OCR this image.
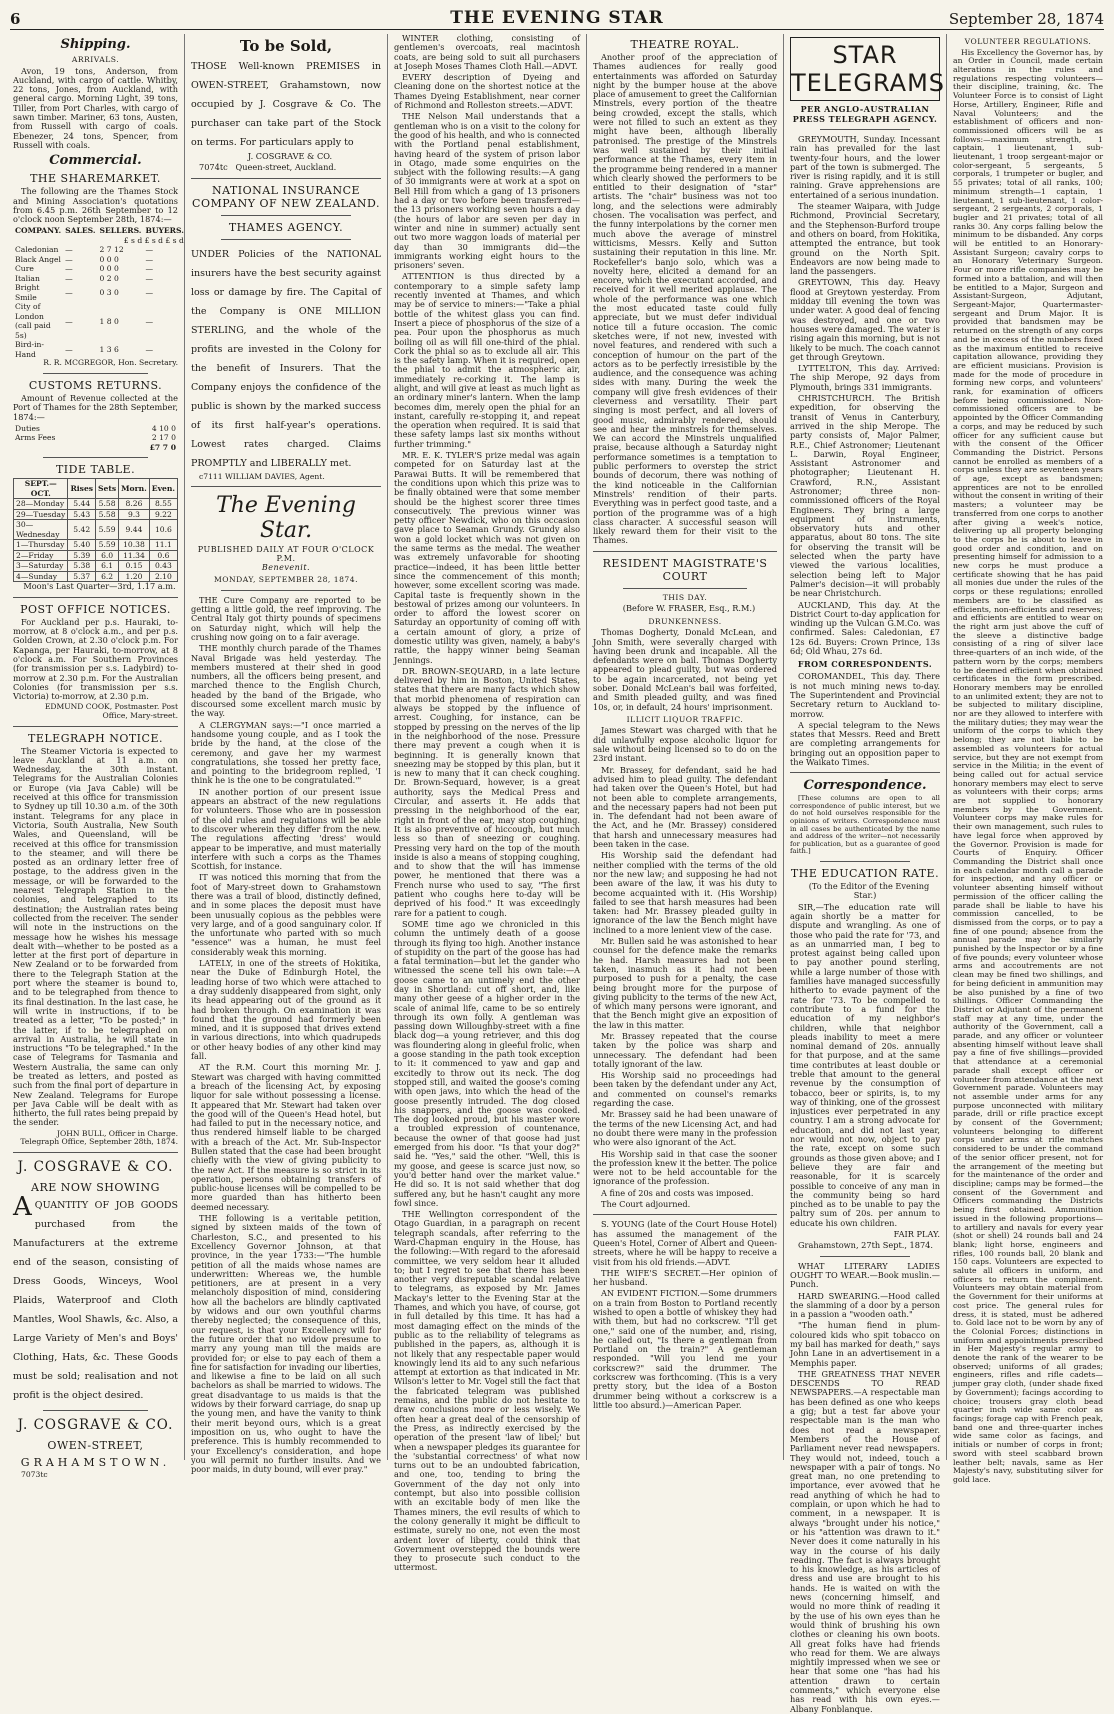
6	THE EVENING STAR	September 28, 1874
Shipping.
ARRIVALS.
Avon, 19 tons, Anderson, from Auckland, with cargo of cattle. Whitby, 22 tons, Jones, from Auckland, with general cargo. Morning Light, 39 tons, Tiller, from Port Charles, with cargo of sawn timber. Mariner, 63 tons, Austen, from Russell with cargo of coals. Ebenezer, 24 tons, Spencer, from Russell with coals.
Commercial.
THE SHAREMARKET.
The following are the Thames Stock and Mining Association's quotations from 6.45 p.m. 26th September to 12 o'clock noon September 28th, 1874:—
COMPANY.	SALES.	SELLERS.	BUYERS.
£ s d £ s d £ s d			
Caledonian	—	2 7 12	—
Black Angel	—	0 0 0	—
Cure	—	0 0 0	—
Italian	—	0 2 0	—
Bright Smile	—	0 3 0	—
City of London (call paid 5s)	—	1 8 0	—
Bird-in-Hand	—	1 3 6	—
R. R. MCGREGOR, Hon. Secretary.
CUSTOMS RETURNS.
Amount of Revenue collected at the Port of Thames for the 28th September, 1874:—
Duties	4 10 0
Arms Fees	2 17 0
	£7 7 0
TIDE TABLE.
SEPT.—OCT.	Rises	Sets	Morn.	Even.
28—Monday	5.44	5.58	8.26	8.55
29—Tuesday	5.43	5.58	9.3	9.22
30—Wednesday	5.42	5.59	9.44	10.6
1—Thursday	5.40	5.59	10.38	11.1
2—Friday	5.39	6.0	11.34	0.6
3—Saturday	5.38	6.1	0.15	0.43
4—Sunday	5.37	6.2	1.20	2.10
Moon's Last Quarter—3rd, 1.17 a.m.
POST OFFICE NOTICES.
For Auckland per p.s. Hauraki, to-morrow, at 8 o'clock a.m., and per p.s. Golden Crown, at 2.30 o'clock p.m. For Kapanga, per Hauraki, to-morrow, at 8 o'clock a.m. For Southern Provinces (for transmission per s.s. Ladybird) to-morrow at 2.30 p.m. For the Australian Colonies (for transmission per s.s. Victoria) to-morrow, at 2.30 p.m.
EDMUND COOK, Postmaster. Post Office, Mary-street.
TELEGRAPH NOTICE.
The Steamer Victoria is expected to leave Auckland at 11 a.m. on Wednesday, the 30th instant. Telegrams for the Australian Colonies or Europe (via Java Cable) will be received at this office for transmission to Sydney up till 10.30 a.m. of the 30th instant. Telegrams for any place in Victoria, South Australia, New South Wales, and Queensland, will be received at this office for transmission to the steamer, and will there be posted as an ordinary letter free of postage, to the address given in the message, or will be forwarded to the nearest Telegraph Station in the colonies, and telegraphed to its destination; the Australian rates being collected from the receiver. The sender will note in the instructions on the message how he wishes his message dealt with—whether to be posted as a letter at the first port of departure in New Zealand or to be forwarded from there to the Telegraph Station at the port where the steamer is bound to, and to be telegraphed from thence to its final destination. In the last case, he will write in instructions, if to be treated as a letter, "To be posted;" in the latter, if to be telegraphed on arrival in Australia, he will state in instructions "To be telegraphed." In the case of Telegrams for Tasmania and Western Australia, the same can only be treated as letters, and posted as such from the final port of departure in New Zealand. Telegrams for Europe per Java Cable will be dealt with as hitherto, the full rates being prepaid by the sender.
JOHN BULL, Officer in Charge. Telegraph Office, September 28th, 1874.
J. COSGRAVE & CO.
ARE NOW SHOWING
AQUANTITY OF JOB GOODS purchased from the Manufacturers at the extreme end of the season, consisting of Dress Goods, Winceys, Wool Plaids, Waterproof and Cloth Mantles, Wool Shawls, &c. Also, a Large Variety of Men's and Boys' Clothing, Hats, &c. These Goods must be sold; realisation and not profit is the object desired.
J. COSGRAVE & CO.
OWEN-STREET,
GRAHAMSTOWN.
7073tc
To be Sold,
THOSE Well-known PREMISES in OWEN-STREET, Grahamstown, now occupied by J. Cosgrave & Co. The purchaser can take part of the Stock on terms. For particulars apply to
J. COSGRAVE & CO.
7074tc Queen-street, Auckland.
NATIONAL INSURANCE COMPANY OF NEW ZEALAND.
THAMES AGENCY.
UNDER Policies of the NATIONAL insurers have the best security against loss or damage by fire. The Capital of the Company is ONE MILLION STERLING, and the whole of the profits are invested in the Colony for the benefit of Insurers. That the Company enjoys the confidence of the public is shown by the marked success of its first half-year's operations. Lowest rates charged. Claims PROMPTLY and LIBERALLY met.
c7111 WILLIAM DAVIES, Agent.
The Evening Star.
PUBLISHED DAILY AT FOUR O'CLOCK P.M.
Benevenit.
MONDAY, SEPTEMBER 28, 1874.
THE Cure Company are reported to be getting a little gold, the reef improving. The Central Italy got thirty pounds of specimens on Saturday night, which will help the crushing now going on to a fair average.
THE monthly church parade of the Thames Naval Brigade was held yesterday. The members mustered at their shed in good numbers, all the officers being present, and marched thence to the English Church, headed by the band of the Brigade, who discoursed some excellent march music by the way.
A CLERGYMAN says:—"I once married a handsome young couple, and as I took the bride by the hand, at the close of the ceremony, and gave her my warmest congratulations, she tossed her pretty face, and pointing to the bridegroom replied, 'I think he is the one to be congratulated.'"
IN another portion of our present issue appears an abstract of the new regulations for volunteers. Those who are in possession of the old rules and regulations will be able to discover wherein they differ from the new. The regulations affecting 'dress' would appear to be imperative, and must materially interfere with such a corps as the Thames Scottish, for instance.
IT was noticed this morning that from the foot of Mary-street down to Grahamstown there was a trail of blood, distinctly defined, and in some places the deposit must have been unusually copious as the pebbles were very large, and of a good sanguinary color. If the unfortunate who parted with so much "essence" was a human, he must feel considerably weak this morning.
LATELY, in one of the streets of Hokitika, near the Duke of Edinburgh Hotel, the leading horse of two which were attached to a dray suddenly disappeared from sight, only its head appearing out of the ground as it had broken through. On examination it was found that the ground had formerly been mined, and it is supposed that drives extend in various directions, into which quadrupeds or other heavy bodies of any other kind may fall.
AT the R.M. Court this morning Mr. J. Stewart was charged with having committed a breach of the licensing Act, by exposing liquor for sale without possessing a license. It appeared that Mr. Stewart had taken over the good will of the Queen's Head hotel, but had failed to put in the necessary notice, and thus rendered himself liable to be charged with a breach of the Act. Mr. Sub-Inspector Bullen stated that the case had been brought chiefly with the view of giving publicity to the new Act. If the measure is so strict in its operation, persons obtaining transfers of public-house licenses will be compelled to be more guarded than has hitherto been deemed necessary.
THE following is a veritable petition, signed by sixteen maids of the town of Charleston, S.C., and presented to his Excellency Governor Johnson, at that province, in the year 1733:—"The humble petition of all the maids whose names are underwritten: Whereas we, the humble petitioners, are at present in a very melancholy disposition of mind, considering how all the bachelors are blindly captivated by widows and our own youthful charms thereby neglected; the consequence of this, our request, is that your Excellency will for the future order that no widow presume to marry any young man till the maids are provided for; or else to pay each of them a fine for satisfaction for invading our liberties, and likewise a fine to be laid on all such bachelors as shall be married to widows. The great disadvantage to us maids is that the widows by their forward carriage, do snap up the young men, and have the vanity to think their merit beyond ours, which is a great imposition on us, who ought to have the preference. This is humbly recommended to your Excellency's consideration, and hope you will permit no further insults. And we poor maids, in duty bound, will ever pray."
WINTER clothing, consisting of gentlemen's overcoats, real macintosh coats, are being sold to suit all purchasers at Joseph Moses Thames Cloth Hall.—ADVT.
EVERY description of Dyeing and Cleaning done on the shortest notice at the Thames Dyeing Establishment, near corner of Richmond and Rolleston streets.—ADVT.
THE Nelson Mail understands that a gentleman who is on a visit to the colony for the good of his health, and who is connected with the Portland penal establishment, having heard of the system of prison labor in Otago, made some enquiries on the subject with the following results:—A gang of 30 immigrants were at work at a spot on Bell Hill from which a gang of 13 prisoners had a day or two before been transferred—the 13 prisoners working seven hours a day (the hours of labor are seven per day in winter and nine in summer) actually sent out two more waggon loads of material per day than 30 immigrants did—the immigrants working eight hours to the prisoners' seven.
ATTENTION is thus directed by a contemporary to a simple safety lamp recently invented at Thames, and which may be of service to miners:—"Take a phial bottle of the whitest glass you can find. Insert a piece of phosphorus of the size of a pea. Pour upon the phosphorus as much boiling oil as will fill one-third of the phial. Cork the phial so as to exclude all air. This is the safety lamp. When it is required, open the phial to admit the atmospheric air, immediately re-corking it. The lamp is alight, and will give at least as much light as an ordinary miner's lantern. When the lamp becomes dim, merely open the phial for an instant, carefully re-stopping it, and repeat the operation when required. It is said that these safety lamps last six months without further trimming."
MR. E. K. TYLER'S prize medal was again competed for on Saturday last at the Parawai Butts. It will be remembered that the conditions upon which this prize was to be finally obtained were that some member should be the highest scorer three times consecutively. The previous winner was petty officer Newdick, who on this occasion gave place to Seaman Grundy. Grundy also won a gold locket which was not given on the same terms as the medal. The weather was extremely unfavorable for shooting practice—indeed, it has been little better since the commencement of this month; however, some excellent scoring was made. Capital taste is frequently shown in the bestowal of prizes among our volunteers. In order to afford the lowest scorer on Saturday an opportunity of coming off with a certain amount of glory, a prize of domestic utility was given, namely, a baby's rattle, the happy winner being Seaman Jennings.
DR. BROWN-SEQUARD, in a late lecture delivered by him in Boston, United States, states that there are many facts which show that morbid phenomena of respiration can always be stopped by the influence of arrest. Coughing, for instance, can be stopped by pressing on the nerves of the lip in the neighborhood of the nose. Pressure there may prevent a cough when it is beginning. It is generally known that sneezing may be stopped by this plan, but it is new to many that it can check coughing. Dr. Brown-Sequard, however, is a great authority, says the Medical Press and Circular, and asserts it. He adds that pressing in the neighborhood of the ear, right in front of the ear, may stop coughing. It is also preventive of hiccough, but much less so than of sneezing or coughing. Pressing very hard on the top of the mouth inside is also a means of stopping coughing, and to show that the will has immense power, he mentioned that there was a French nurse who used to say, "The first patient who coughs here to-day will be deprived of his food." It was exceedingly rare for a patient to cough.
SOME time ago we chronicled in this column the untimely death of a goose through its flying too high. Another instance of stupidity on the part of the goose has had a fatal termination—but let the gander who witnessed the scene tell his own tale:—A goose came to an untimely end the other day in Shortland: cut off short, and, like many other geese of a higher order in the scale of animal life, came to be so entirely through its own folly. A gentleman was passing down Willoughby-street with a fine black dog—a young retriever, and this dog was floundering along in gleeful frolic, when a goose standing in the path took exception to it: it commenced to yaw and gap and excitedly to throw out its neck. The dog stopped still, and waited the goose's coming with open jaws, into which the head of the goose presently intruded. The dog closed his snappers, and the goose was cooked. The dog looked proud, but his master wore a troubled expression of countenance, because the owner of that goose had just emerged from his door. "Is that your dog?" said he. "Yes," said the other. "Well, this is my goose, and geese is scarce just now, so you'd better hand over the market value." He did so. It is not said whether that dog suffered any, but he hasn't caught any more fowl since.
THE Wellington correspondent of the Otago Guardian, in a paragraph on recent telegraph scandals, after referring to the Ward-Chapman enquiry in the House, has the following:—With regard to the aforesaid committee, we very seldom hear it alluded to; but I regret to see that there has been another very disreputable scandal relative to telegrams, as exposed by Mr. James Mackay's letter to the Evening Star at the Thames, and which you have, of course, got in full detailed by this time. It has had a most damaging effect on the minds of the public as to the reliability of telegrams as published in the papers, as, although it is not likely that any respectable paper would knowingly lend its aid to any such nefarious attempt at extortion as that indicated in Mr. Wilson's letter to Mr. Vogel still the fact that the fabricated telegram was published remains, and the public do not hesitate to draw conclusions more or less wisely. We often hear a great deal of the censorship of the Press, as indirectly exercised by the operation of the present 'law of libel;' but when a newspaper pledges its guarantee for the 'substantial correctness' of what now turns out to be an undoubted fabrication, and one, too, tending to bring the Government of the day not only into contempt, but also into possible collision with an excitable body of men like the Thames miners, the evil results of which to the colony generally it might be difficult to estimate, surely no one, not even the most ardent lover of liberty, could think that Government overstepped the bounds were they to prosecute such conduct to the uttermost.
THEATRE ROYAL.
Another proof of the appreciation of Thames audiences for really good entertainments was afforded on Saturday night by the bumper house at the above place of amusement to greet the Californian Minstrels, every portion of the theatre being crowded, except the stalls, which were not filled to such an extent as they might have been, although liberally patronised. The prestige of the Minstrels was well sustained by their initial performance at the Thames, every item in the programme being rendered in a manner which clearly showed the performers to be entitled to their designation of "star" artists. The "chair" business was not too long, and the selections were admirably chosen. The vocalisation was perfect, and the funny interpolations by the corner men much above the average of minstrel witticisms, Messrs. Kelly and Sutton sustaining their reputation in this line. Mr. Rockefeller's banjo solo, which was a novelty here, elicited a demand for an encore, which the executant accorded, and received for it well merited applause. The whole of the performance was one which the most educated taste could fully appreciate, but we must defer individual notice till a future occasion. The comic sketches were, if not new, invested with novel features, and rendered with such a conception of humour on the part of the actors as to be perfectly irresistible by the audience, and the consequence was aching sides with many. During the week the company will give fresh evidences of their cleverness and versatility. Their part singing is most perfect, and all lovers of good music, admirably rendered, should see and hear the minstrels for themselves. We can accord the Minstrels unqualified praise, because although a Saturday night performance sometimes is a temptation to public performers to overstep the strict bounds of decorum, there was nothing of the kind noticeable in the Californian Minstrels' rendition of their parts. Everything was in perfect good taste, and a portion of the programme was of a high class character. A successful season will likely reward them for their visit to the Thames.
RESIDENT MAGISTRATE'S COURT
THIS DAY.
(Before W. FRASER, Esq., R.M.)
DRUNKENNESS.
Thomas Dogherty, Donald McLean, and John Smith, were severally charged with having been drunk and incapable. All the defendants were on bail. Thomas Dogherty appeared to plead guilty, but was ordered to be again incarcerated, not being yet sober. Donald McLean's bail was forfeited, and Smith pleaded guilty, and was fined 10s, or, in default, 24 hours' imprisonment.
ILLICIT LIQUOR TRAFFIC.
James Stewart was charged with that he did unlawfully expose alcoholic liquor for sale without being licensed so to do on the 23rd instant.
Mr. Brassey, for defendant, said he had advised him to plead guilty. The defendant had taken over the Queen's Hotel, but had not been able to complete arrangements, and the necessary papers had not been put in. The defendant had not been aware of the Act, and he (Mr. Brassey) considered that harsh and unnecessary measures had been taken in the case.
His Worship said the defendant had neither complied with the terms of the old nor the new law; and supposing he had not been aware of the law, it was his duty to become acquainted with it. (His Worship) failed to see that harsh measures had been taken: had Mr. Brassey pleaded guilty in ignorance of the law the Bench might have inclined to a more lenient view of the case.
Mr. Bullen said he was astonished to hear counsel for the defence make the remarks he had. Harsh measures had not been taken, inasmuch as it had not been purposed to push for a penalty, the case being brought more for the purpose of giving publicity to the terms of the new Act, of which many persons were ignorant, and that the Bench might give an exposition of the law in this matter.
Mr. Brassey repeated that the course taken by the police was sharp and unnecessary. The defendant had been totally ignorant of the law.
His Worship said no proceedings had been taken by the defendant under any Act, and commented on counsel's remarks regarding the case.
Mr. Brassey said he had been unaware of the terms of the new Licensing Act, and had no doubt there were many in the profession who were also ignorant of the Act.
His Worship said in that case the sooner the profession knew it the better. The police were not to be held accountable for the ignorance of the profession.
A fine of 20s and costs was imposed.
The Court adjourned.
S. YOUNG (late of the Court House Hotel) has assumed the management of the Queen's Hotel, Corner of Albert and Queen-streets, where he will be happy to receive a visit from his old friends.—ADVT.
THE WIFE'S SECRET.—Her opinion of her husband.
AN EVIDENT FICTION.—Some drummers on a train from Boston to Portland recently wished to open a bottle of whiskey they had with them, but had no corkscrew. "I'll get one," said one of the number, and, rising, he called out, "Is there a gentleman from Portland on the train?" A gentleman responded. "Will you lend me your corkscrew?" said the drummer. The corkscrew was forthcoming. (This is a very pretty story, but the idea of a Boston drummer being without a corkscrew is a little too absurd.)—American Paper.
STAR TELEGRAMS
PER ANGLO-AUSTRALIAN PRESS TELEGRAPH AGENCY.
GREYMOUTH, Sunday. Incessant rain has prevailed for the last twenty-four hours, and the lower part of the town is submerged. The river is rising rapidly, and it is still raining. Grave apprehensions are entertained of a serious inundation.
The steamer Waipara, with Judge Richmond, Provincial Secretary, and the Stephenson-Burford troupe and others on board, from Hokitika, attempted the entrance, but took ground on the North Spit. Endeavors are now being made to land the passengers.
GREYTOWN, This day. Heavy flood at Greytown yesterday. From midday till evening the town was under water. A good deal of fencing was destroyed, and one or two houses were damaged. The water is rising again this morning, but is not likely to be much. The coach cannot get through Greytown.
LYTTELTON, This day. Arrived: The ship Merope, 92 days from Plymouth, brings 331 immigrants.
CHRISTCHURCH. The British expedition, for observing the transit of Venus in Canterbury, arrived in the ship Merope. The party consists of, Major Palmer, R.E., Chief Astronomer; Lieutenant L. Darwin, Royal Engineer, Assistant Astronomer and photographer; Lieutenant H. Crawford, R.N., Assistant Astronomer; three non-commissioned officers of the Royal Engineers. They bring a large equipment of instruments, observatory huts and other apparatus, about 80 tons. The site for observing the transit will be selected when the party have viewed the various localities, selection being left to Major Palmer's decision—it will probably be near Christchurch.
AUCKLAND, This day. At the District Court to-day application for winding up the Vulcan G.M.Co. was confirmed. Sales: Caledonian, £7 12s 6d. Buyers: Crown Prince, 13s 6d; Old Whau, 27s 6d.
FROM CORRESPONDENTS.
COROMANDEL, This day. There is not much mining news to-day. The Superintendent and Provincial Secretary return to Auckland to-morrow.
A special telegram to the News states that Messrs. Reed and Brett are completing arrangements for bringing out an opposition paper to the Waikato Times.
Correspondence.
[These columns are open to all correspondence of public interest, but we do not hold ourselves responsible for the opinions of writers. Correspondence must in all cases be authenticated by the name and address of the writer—not necessarily for publication, but as a guarantee of good faith.]
THE EDUCATION RATE.
(To the Editor of the Evening Star.)
SIR,—The education rate will again shortly be a matter for dispute and wrangling. As one of those who paid the rate for '73, and as an unmarried man, I beg to protest against being called upon to pay another pound sterling, while a large number of those with families have managed successfully hitherto to evade payment of the rate for '73. To be compelled to contribute to a fund for the education of my neighbor's children, while that neighbor pleads inability to meet a mere nominal demand of 20s. annually for that purpose, and at the same time contributes at least double or treble that amount to the general revenue by the consumption of tobacco, beer or spirits, is, to my way of thinking, one of the grossest injustices ever perpetrated in any country. I am a strong advocate for education, and did not last year, nor would not now, object to pay the rate, except on some such grounds as those given above; and I believe they are fair and reasonable, for it is scarcely possible to conceive of any man in the community being so hard pinched as to be unable to pay the paltry sum of 20s. per annum to educate his own children.
FAIR PLAY.
Grahamstown, 27th Sept., 1874.
WHAT LITERARY LADIES OUGHT TO WEAR.—Book muslin.—Punch.
HARD SWEARING.—Hood called the slamming of a door by a person in a passion a "wooden oath."
"The human fiend in plum-coloured kids who spit tobacco on my bail has marked for death," says John Lane in an advertisement in a Memphis paper.
THE GREATNESS THAT NEVER DESCENDS TO READ NEWSPAPERS.—A respectable man has been defined as one who keeps a gig; but a test far above your respectable man is the man who does not read a newspaper. Members of the House of Parliament never read newspapers. They would not, indeed, touch a newspaper with a pair of tongs. No great man, no one pretending to importance, ever avowed that he read anything of which he had to complain, or upon which he had to comment, in a newspaper. It is always "brought under his notice," or his "attention was drawn to it." Never does it come naturally in his way in the course of his daily reading. The fact is always brought to his knowledge, as his articles of dress and use are brought to his hands. He is waited on with the news (concerning himself, and would no more think of reading it by the use of his own eyes than he would think of brushing his own clothes or cleaning his own boots. All great folks have had friends who read for them. We are always mightily impressed when we see or hear that some one "has had his attention drawn to certain comments," which everyone else has read with his own eyes.—Albany Fonblanque.
VOLUNTEER REGULATIONS.
His Excellency the Governor has, by an Order in Council, made certain alterations in the rules and regulations respecting volunteers—their discipline, training, &c. The Volunteer Force is to consist of Light Horse, Artillery, Engineer, Rifle and Naval Volunteers; and the establishment of officers and non-commissioned officers will be as follows:—maximum strength, 1 captain, 1 lieutenant, 1 sub-lieutenant, 1 troop sergeant-major or color-sergeant, 5 sergeants, 5 corporals, 1 trumpeter or bugler, and 55 privates; total of all ranks, 100; minimum strength—1 captain, 1 lieutenant, 1 sub-lieutenant, 1 color-sergeant, 2 sergeants, 2 corporals, 1 bugler and 21 privates; total of all ranks 30. Any corps falling below the minimum to be disbanded. Any corps will be entitled to an Honorary-Assistant Surgeon; cavalry corps to an Honorary Veterinary Surgeon. Four or more rifle companies may be formed into a battalion, and will then be entitled to a Major, Surgeon and Assistant-Surgeon, Adjutant, Sergeant-Major, Quartermaster-sergeant and Drum Major. It is provided that bandsmen may be returned on the strength of any corps and be in excess of the numbers fixed as the maximum entitled to receive capitation allowance, providing they are efficient musicians. Provision is made for the mode of procedure in forming new corps, and volunteers' rank, for examination of officers before being commissioned. Non-commissioned officers are to be appointed by the Officer Commanding a corps, and may be reduced by such officer for any sufficient cause but with the consent of the Officer Commanding the District. Persons cannot be enrolled as members of a corps unless they are seventeen years of age, except as bandsmen; apprentices are not to be enrolled without the consent in writing of their masters; a volunteer may be transferred from one corps to another after giving a week's notice, delivering up all property belonging to the corps he is about to leave in good order and condition, and on presenting himself for admission to a new corps he must produce a certificate showing that he has paid all monies due under the rules of the corps or these regulations; enrolled members are to be classified as efficients, non-efficients and reserves; and efficients are entitled to wear on the right arm just above the cuff of the sleeve a distinctive badge consisting of a ring of silver lace three-quarters of an inch wide, of the pattern worn by the corps; members to be deemed efficient when obtained certificates in the form prescribed. Honorary members may be enrolled to an unlimited extent; they are not to be subjected to military discipline, nor are they allowed to interfere with the military duties; they may wear the uniform of the corps to which they belong; they are not liable to be assembled as volunteers for actual service, but they are not exempt from service in the Militia; in the event of being called out for actual service honorary members may elect to serve as volunteers with their corps; arms are not supplied to honorary members by the Government. Volunteer corps may make rules for their own management, such rules to have legal force when approved by the Governor. Provision is made for Courts of Enquiry. Officer Commanding the District shall once in each calendar month call a parade for inspection, and any officer or volunteer absenting himself without permission of the officer calling the parade shall be liable to have his commission cancelled, to be dismissed from the corps, or to pay a fine of one pound; absence from the annual parade may be similarly punished by the Inspector or by a fine of five pounds; every volunteer whose arms and accoutrements are not clean may be fined two shillings, and for being deficient in ammunition may be also punished by a fine of two shillings. Officer Commanding the District or Adjutant of the permanent staff may at any time, under the authority of the Government, call a parade, and any officer or volunteer absenting himself without leave shall pay a fine of five shillings—provided that attendance at a ceremonial parade shall except officer or volunteer from attendance at the next Government parade. Volunteers may not assemble under arms for any purpose unconnected with military parade, drill or rifle practice except by consent of the Government; volunteers belonging to different corps under arms at rifle matches considered to be under the command of the senior officer present, not for the arrangement of the meeting but for the maintenance of the order and discipline; camps may be formed—the consent of the Government and Officers commanding the Districts being first obtained. Ammunition issued in the following proportions—to artillery and navals for every year (shot or shell) 24 rounds ball and 24 blank; light horse, engineers and rifles, 100 rounds ball, 20 blank and 150 caps. Volunteers are expected to salute all officers in uniform, and officers to return the compliment. Volunteers may obtain material from the Government for their uniforms at cost price. The general rules for dress, it is stated, must be adhered to. Gold lace not to be worn by any of the Colonial Forces; distinctions in uniform and appointments prescribed in Her Majesty's regular army to denote the rank of the wearer to be observed; uniforms of all grades; engineers, rifles and rifle cadets—jumper gray cloth, (under shade fixed by Government); facings according to choice; trousers gray cloth bead quarter inch wide same color as facings; forage cap with French peak, band one and three-quarter inches wide same color as facings, and initials or number of corps in front; sword with steel scabbard brown leather belt; navals, same as Her Majesty's navy, substituting silver for gold lace.
